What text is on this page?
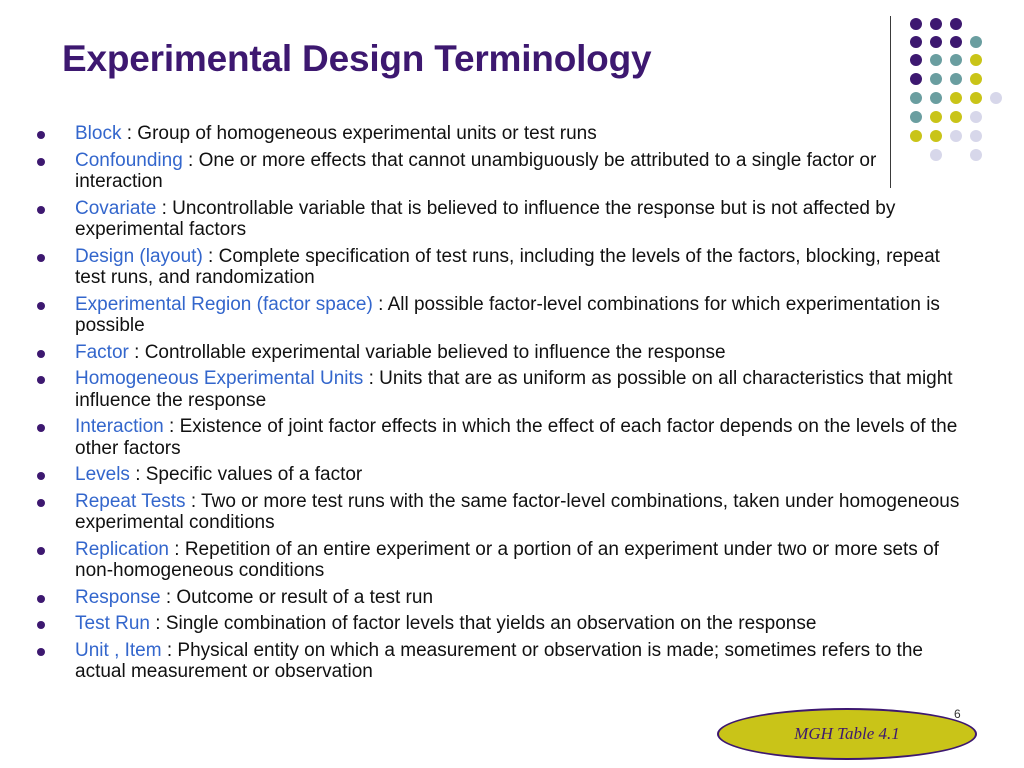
Experimental Design Terminology
Block : Group of homogeneous experimental units or test runs
Confounding : One or more effects that cannot unambiguously be attributed to a single factor or interaction
Covariate : Uncontrollable variable that is believed to influence the response but is not affected by experimental factors
Design (layout) : Complete specification of test runs, including the levels of the factors, blocking, repeat test runs, and randomization
Experimental Region (factor space) : All possible factor-level combinations for which experimentation is possible
Factor : Controllable experimental variable believed to influence the response
Homogeneous Experimental Units : Units that are as uniform as possible on all characteristics that might influence the response
Interaction : Existence of joint factor effects in which the effect of each factor depends on the levels of the other factors
Levels : Specific values of a factor
Repeat Tests : Two or more test runs with the same factor-level combinations, taken under homogeneous experimental conditions
Replication : Repetition of an entire experiment or a portion of an experiment under two or more sets of non-homogeneous conditions
Response : Outcome or result of a test run
Test Run : Single combination of factor levels that yields an observation on the response
Unit , Item : Physical entity on which a measurement or observation is made; sometimes refers to the actual measurement or observation
6
MGH Table 4.1
